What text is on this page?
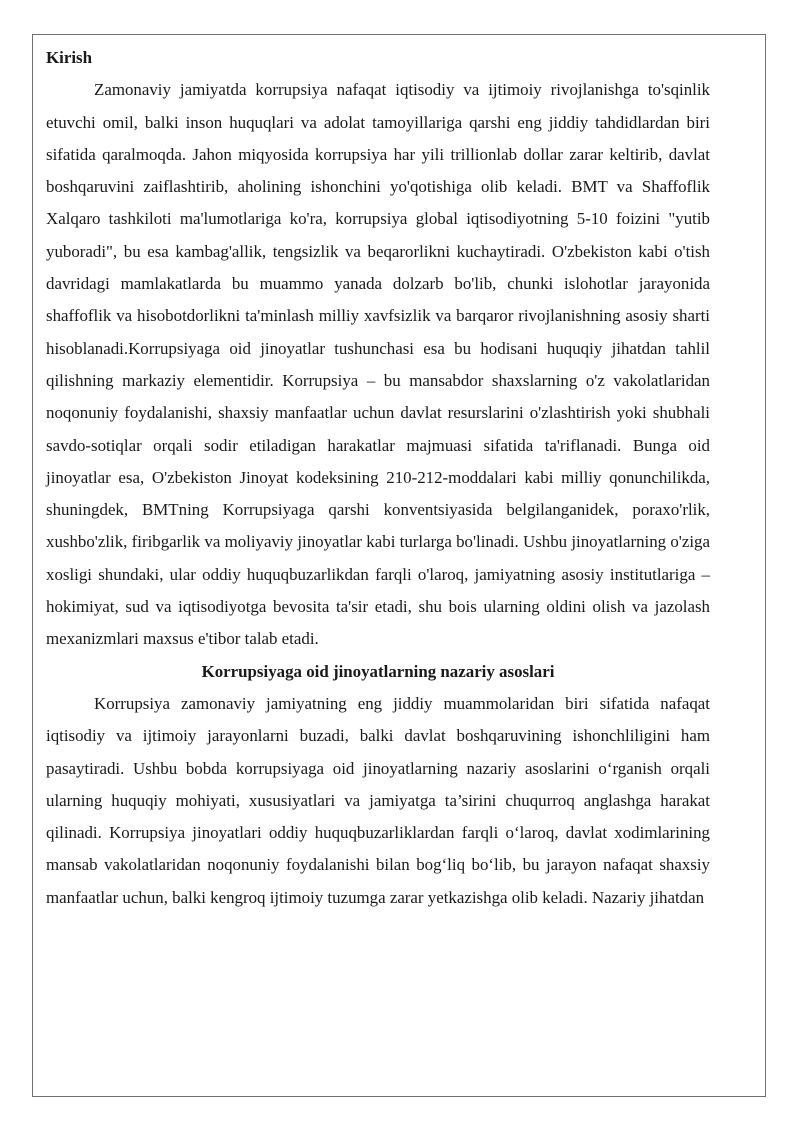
Kirish

Zamonaviy jamiyatda korrupsiya nafaqat iqtisodiy va ijtimoiy rivojlanishga to'sqinlik etuvchi omil, balki inson huquqlari va adolat tamoyillariga qarshi eng jiddiy tahdidlardan biri sifatida qaralmoqda. Jahon miqyosida korrupsiya har yili trillionlab dollar zarar keltirib, davlat boshqaruvini zaiflashtirib, aholining ishonchini yo'qotishiga olib keladi. BMT va Shaffoflik Xalqaro tashkiloti ma'lumotlariga ko'ra, korrupsiya global iqtisodiyotning 5-10 foizini "yutib yuboradi", bu esa kambag'allik, tengsizlik va beqarorlikni kuchaytiradi. O'zbekiston kabi o'tish davridagi mamlakatlarda bu muammo yanada dolzarb bo'lib, chunki islohotlar jarayonida shaffoflik va hisobotdorlikni ta'minlash milliy xavfsizlik va barqaror rivojlanishning asosiy sharti hisoblanadi.Korrupsiyaga oid jinoyatlar tushunchasi esa bu hodisani huquqiy jihatdan tahlil qilishning markaziy elementidir. Korrupsiya – bu mansabdor shaxslarning o'z vakolatlaridan noqonuniy foydalanishi, shaxsiy manfaatlar uchun davlat resurslarini o'zlashtirish yoki shubhali savdo-sotiqlar orqali sodir etiladigan harakatlar majmuasi sifatida ta'riflanadi. Bunga oid jinoyatlar esa, O'zbekiston Jinoyat kodeksining 210-212-moddalari kabi milliy qonunchilikda, shuningdek, BMTning Korrupsiyaga qarshi konventsiyasida belgilanganidek, poraxo'rlik, xushbo'zlik, firibgarlik va moliyaviy jinoyatlar kabi turlarga bo'linadi. Ushbu jinoyatlarning o'ziga xosligi shundaki, ular oddiy huquqbuzarlikdan farqli o'laroq, jamiyatning asosiy institutlariga – hokimiyat, sud va iqtisodiyotga bevosita ta'sir etadi, shu bois ularning oldini olish va jazolash mexanizmlari maxsus e'tibor talab etadi.

Korrupsiyaga oid jinoyatlarning nazariy asoslari

Korrupsiya zamonaviy jamiyatning eng jiddiy muammolaridan biri sifatida nafaqat iqtisodiy va ijtimoiy jarayonlarni buzadi, balki davlat boshqaruvining ishonchliligini ham pasaytiradi. Ushbu bobda korrupsiyaga oid jinoyatlarning nazariy asoslarini o‘rganish orqali ularning huquqiy mohiyati, xususiyatlari va jamiyatga ta’sirini chuqurroq anglashga harakat qilinadi. Korrupsiya jinoyatlari oddiy huquqbuzarliklardan farqli o‘laroq, davlat xodimlarining mansab vakolatlaridan noqonuniy foydalanishi bilan bog‘liq bo‘lib, bu jarayon nafaqat shaxsiy manfaatlar uchun, balki kengroq ijtimoiy tuzumga zarar yetkazishga olib keladi. Nazariy jihatdan
